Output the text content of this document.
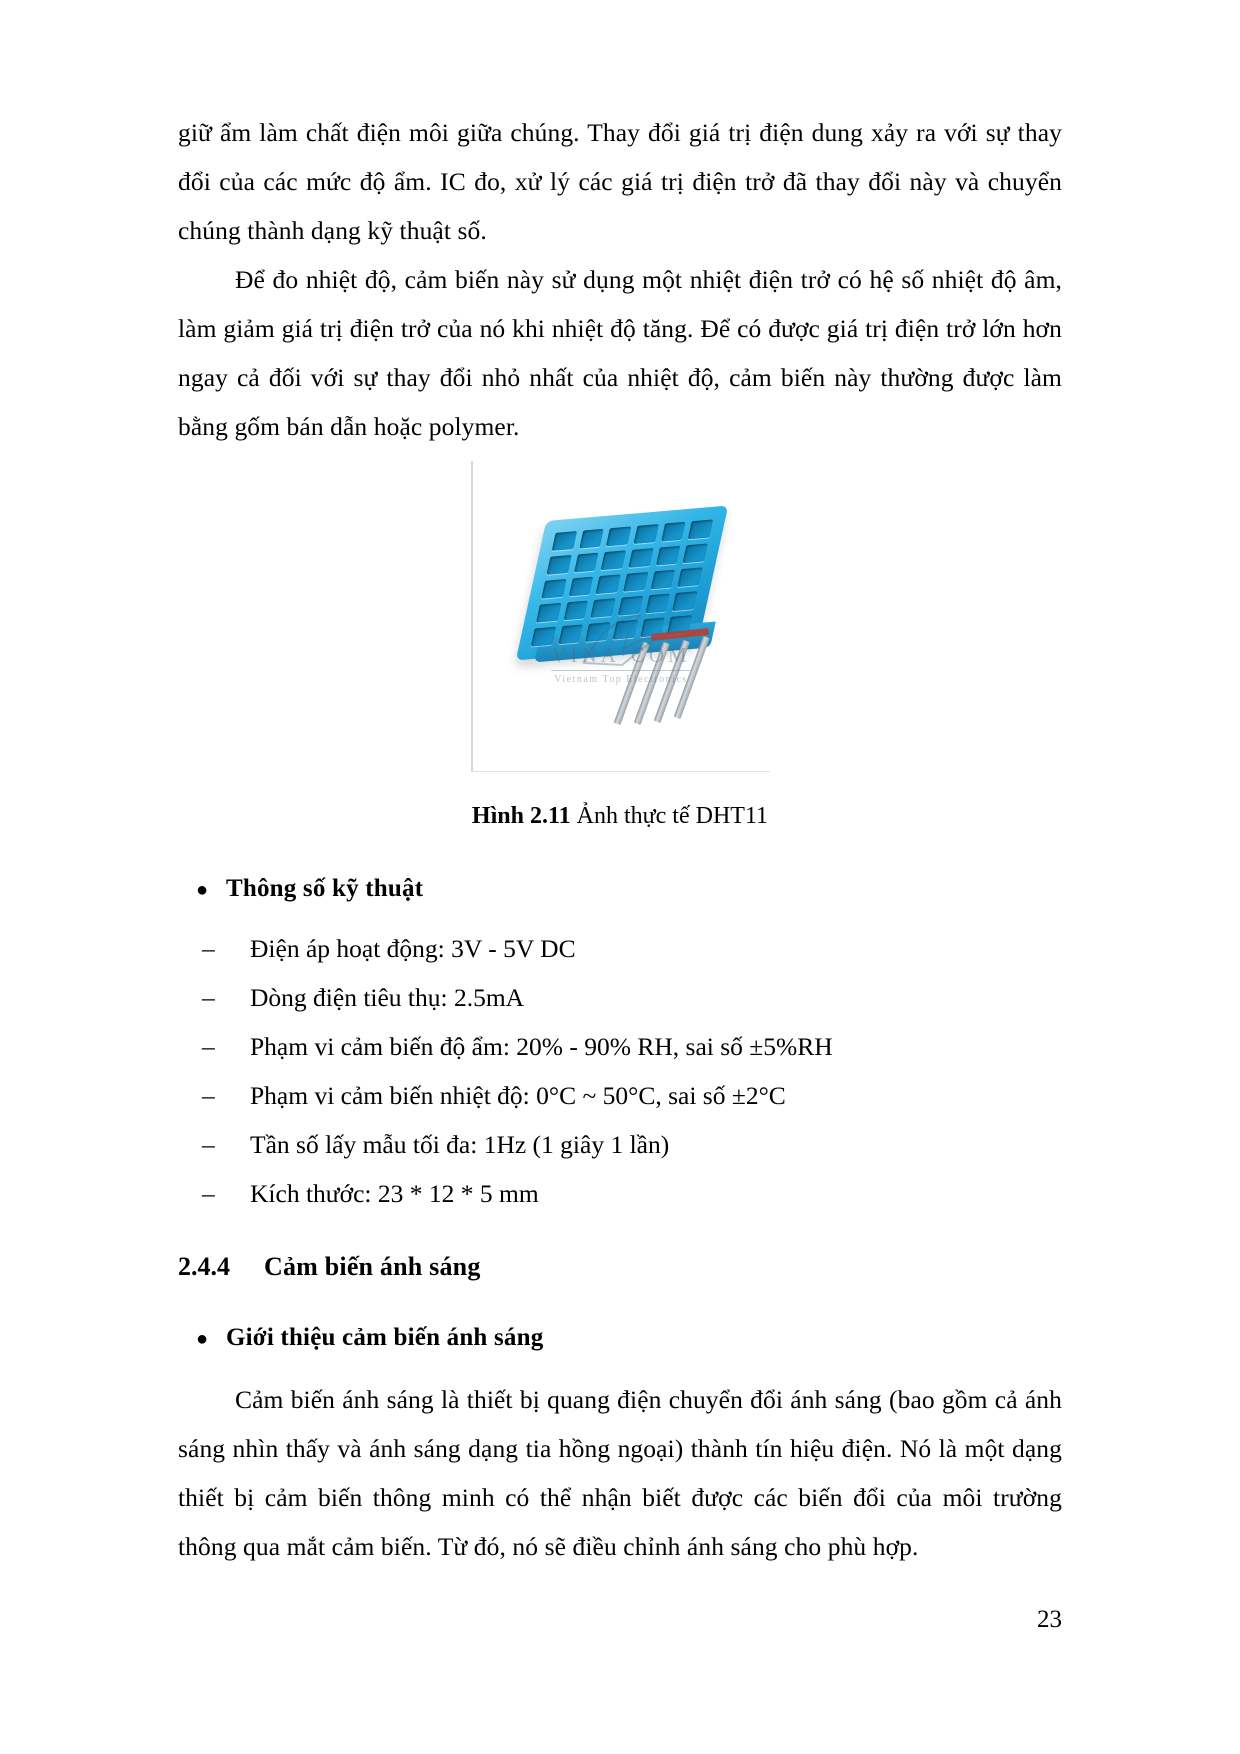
giữ ẩm làm chất điện môi giữa chúng. Thay đổi giá trị điện dung xảy ra với sự thay đổi của các mức độ ẩm. IC đo, xử lý các giá trị điện trở đã thay đổi này và chuyển chúng thành dạng kỹ thuật số.

Để đo nhiệt độ, cảm biến này sử dụng một nhiệt điện trở có hệ số nhiệt độ âm, làm giảm giá trị điện trở của nó khi nhiệt độ tăng. Để có được giá trị điện trở lớn hơn ngay cả đối với sự thay đổi nhỏ nhất của nhiệt độ, cảm biến này thường được làm bằng gốm bán dẫn hoặc polymer.

VINA·COM
Vietnam Top Electronics
Hình 2.11 Ảnh thực tế DHT11
● Thông số kỹ thuật
–	Điện áp hoạt động: 3V - 5V DC
–	Dòng điện tiêu thụ: 2.5mA
–	Phạm vi cảm biến độ ẩm: 20% - 90% RH, sai số ±5%RH
–	Phạm vi cảm biến nhiệt độ: 0°C ~ 50°C, sai số ±2°C
–	Tần số lấy mẫu tối đa: 1Hz (1 giây 1 lần)
–	Kích thước: 23 * 12 * 5 mm
2.4.4	Cảm biến ánh sáng
● Giới thiệu cảm biến ánh sáng

Cảm biến ánh sáng là thiết bị quang điện chuyển đổi ánh sáng (bao gồm cả ánh sáng nhìn thấy và ánh sáng dạng tia hồng ngoại) thành tín hiệu điện. Nó là một dạng thiết bị cảm biến thông minh có thể nhận biết được các biến đổi của môi trường thông qua mắt cảm biến. Từ đó, nó sẽ điều chỉnh ánh sáng cho phù hợp.

23
